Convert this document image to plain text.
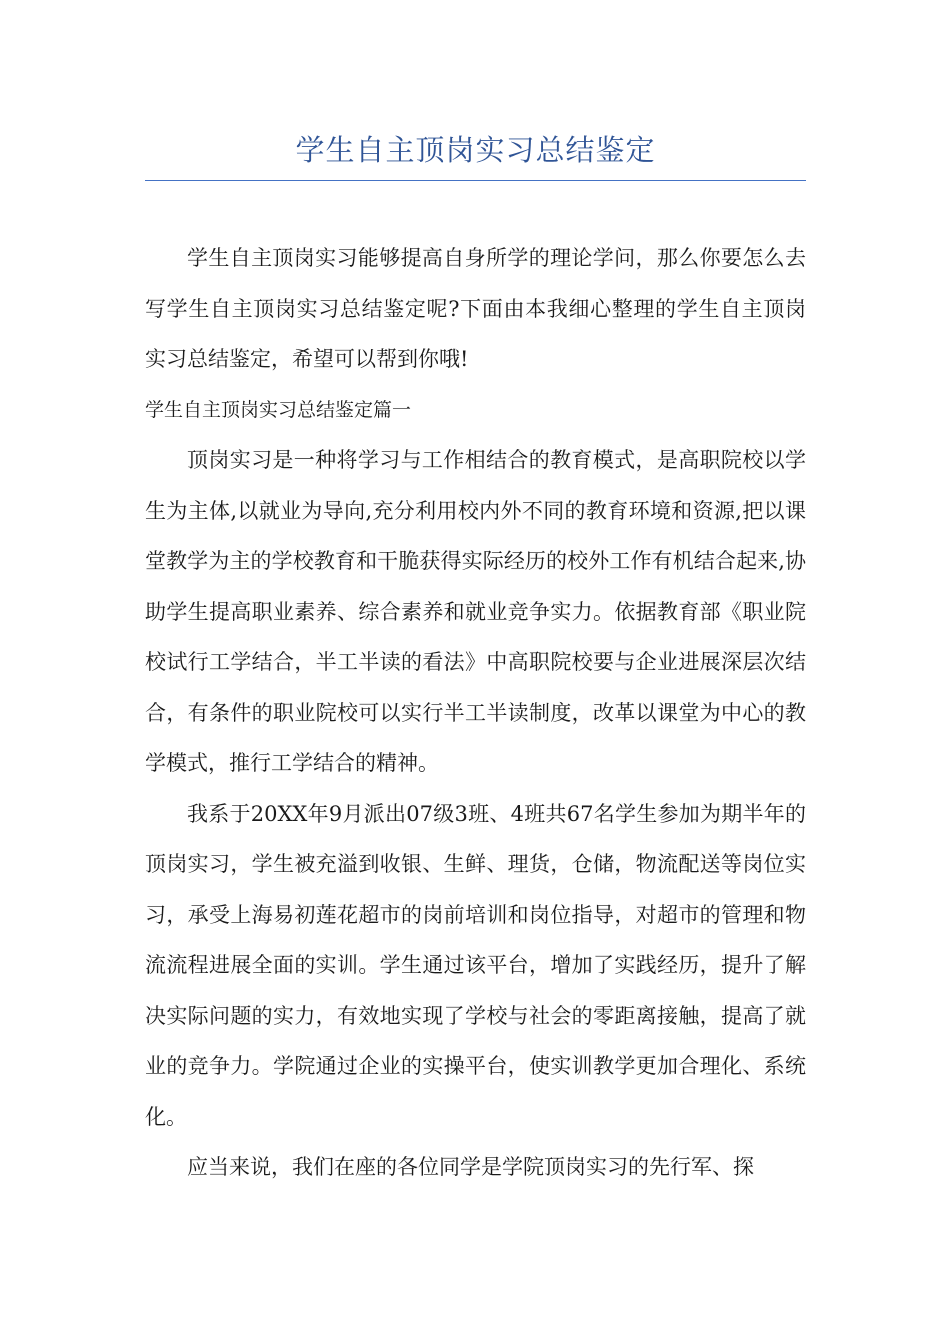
学生自主顶岗实习总结鉴定

学生自主顶岗实习能够提高自身所学的理论学问，那么你要怎么去写学生自主顶岗实习总结鉴定呢?下面由本我细心整理的学生自主顶岗实习总结鉴定，希望可以帮到你哦!

学生自主顶岗实习总结鉴定篇一

顶岗实习是一种将学习与工作相结合的教育模式，是高职院校以学生为主体,以就业为导向,充分利用校内外不同的教育环境和资源,把以课堂教学为主的学校教育和干脆获得实际经历的校外工作有机结合起来,协助学生提高职业素养、综合素养和就业竞争实力。依据教育部《职业院校试行工学结合，半工半读的看法》中高职院校要与企业进展深层次结合，有条件的职业院校可以实行半工半读制度，改革以课堂为中心的教学模式，推行工学结合的精神。

我系于20XX年9月派出07级3班、4班共67名学生参加为期半年的顶岗实习，学生被充溢到收银、生鲜、理货，仓储，物流配送等岗位实习，承受上海易初莲花超市的岗前培训和岗位指导，对超市的管理和物流流程进展全面的实训。学生通过该平台，增加了实践经历，提升了解决实际问题的实力，有效地实现了学校与社会的零距离接触，提高了就业的竞争力。学院通过企业的实操平台，使实训教学更加合理化、系统化。

应当来说，我们在座的各位同学是学院顶岗实习的先行军、探
